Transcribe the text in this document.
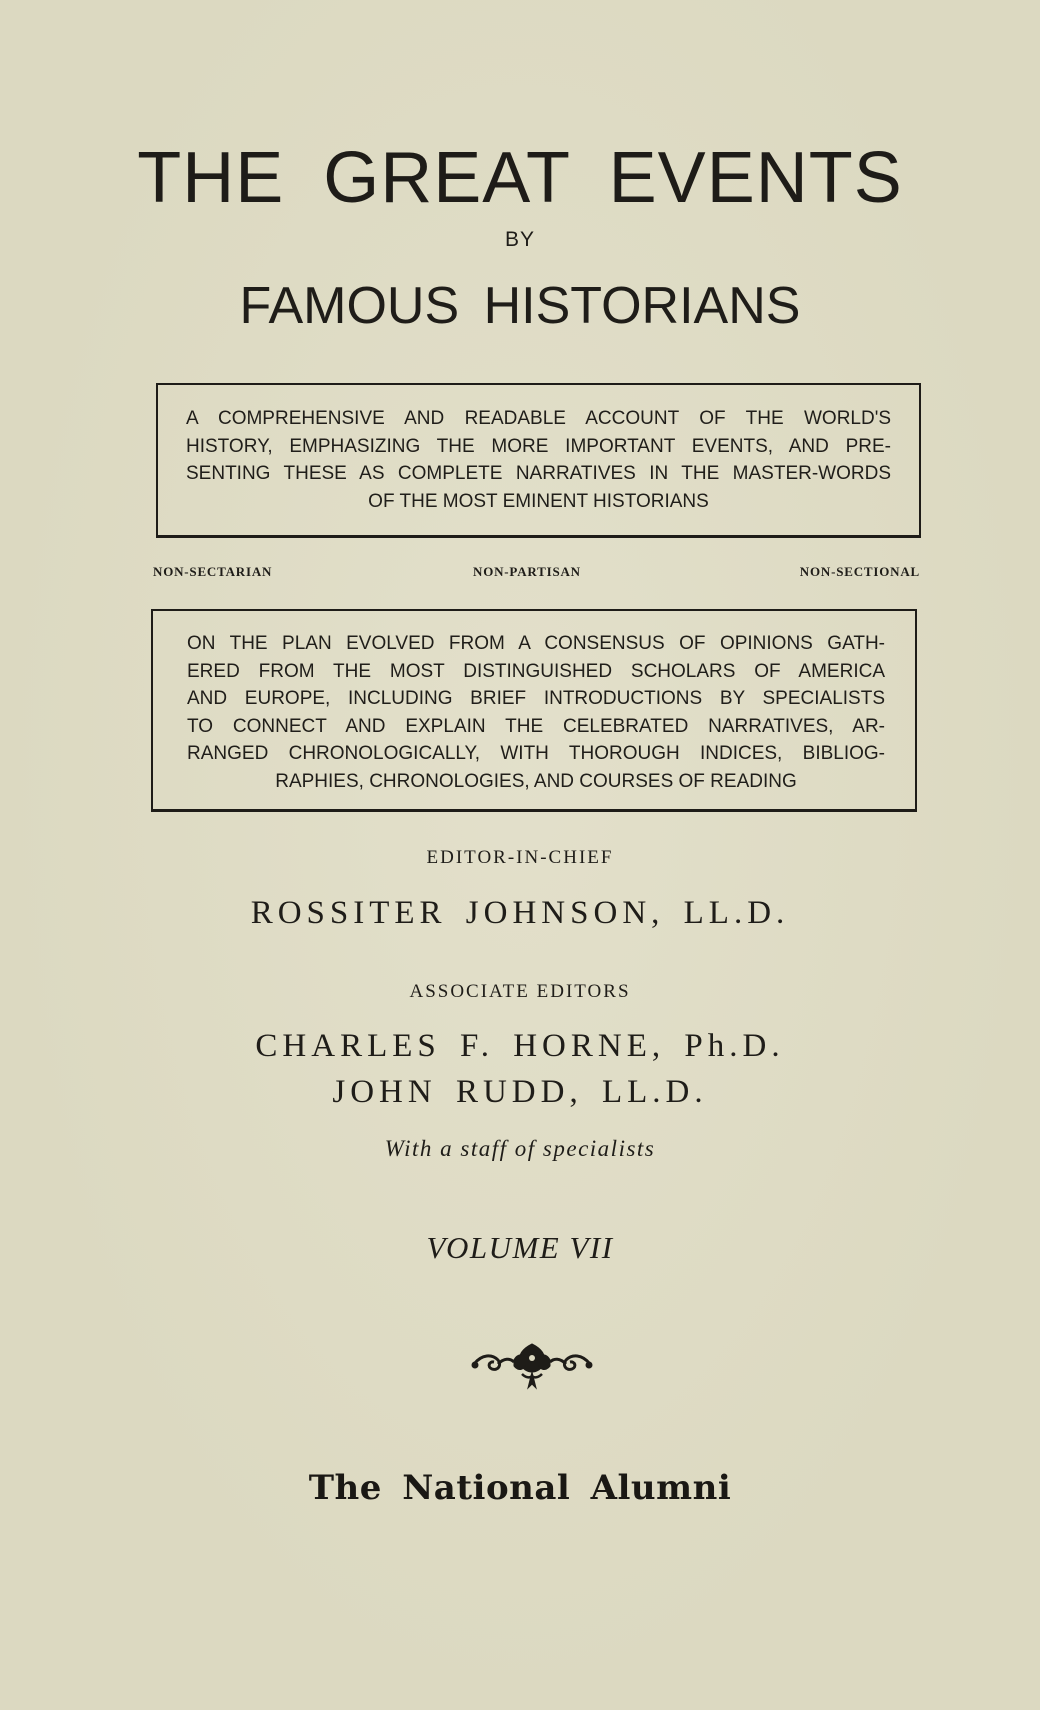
THE GREAT EVENTS
BY
FAMOUS HISTORIANS
A COMPREHENSIVE AND READABLE ACCOUNT OF THE WORLD'S
HISTORY, EMPHASIZING THE MORE IMPORTANT EVENTS, AND PRE-
SENTING THESE AS COMPLETE NARRATIVES IN THE MASTER-WORDS
OF THE MOST EMINENT HISTORIANS
NON-SECTARIAN	NON-PARTISAN	NON-SECTIONAL
ON THE PLAN EVOLVED FROM A CONSENSUS OF OPINIONS GATH-
ERED FROM THE MOST DISTINGUISHED SCHOLARS OF AMERICA
AND EUROPE, INCLUDING BRIEF INTRODUCTIONS BY SPECIALISTS
TO CONNECT AND EXPLAIN THE CELEBRATED NARRATIVES, AR-
RANGED CHRONOLOGICALLY, WITH THOROUGH INDICES, BIBLIOG-
RAPHIES, CHRONOLOGIES, AND COURSES OF READING
EDITOR-IN-CHIEF
ROSSITER JOHNSON, LL.D.
ASSOCIATE EDITORS
CHARLES F. HORNE, Ph.D.
JOHN RUDD, LL.D.
With a staff of specialists
VOLUME VII
The National Alumni
